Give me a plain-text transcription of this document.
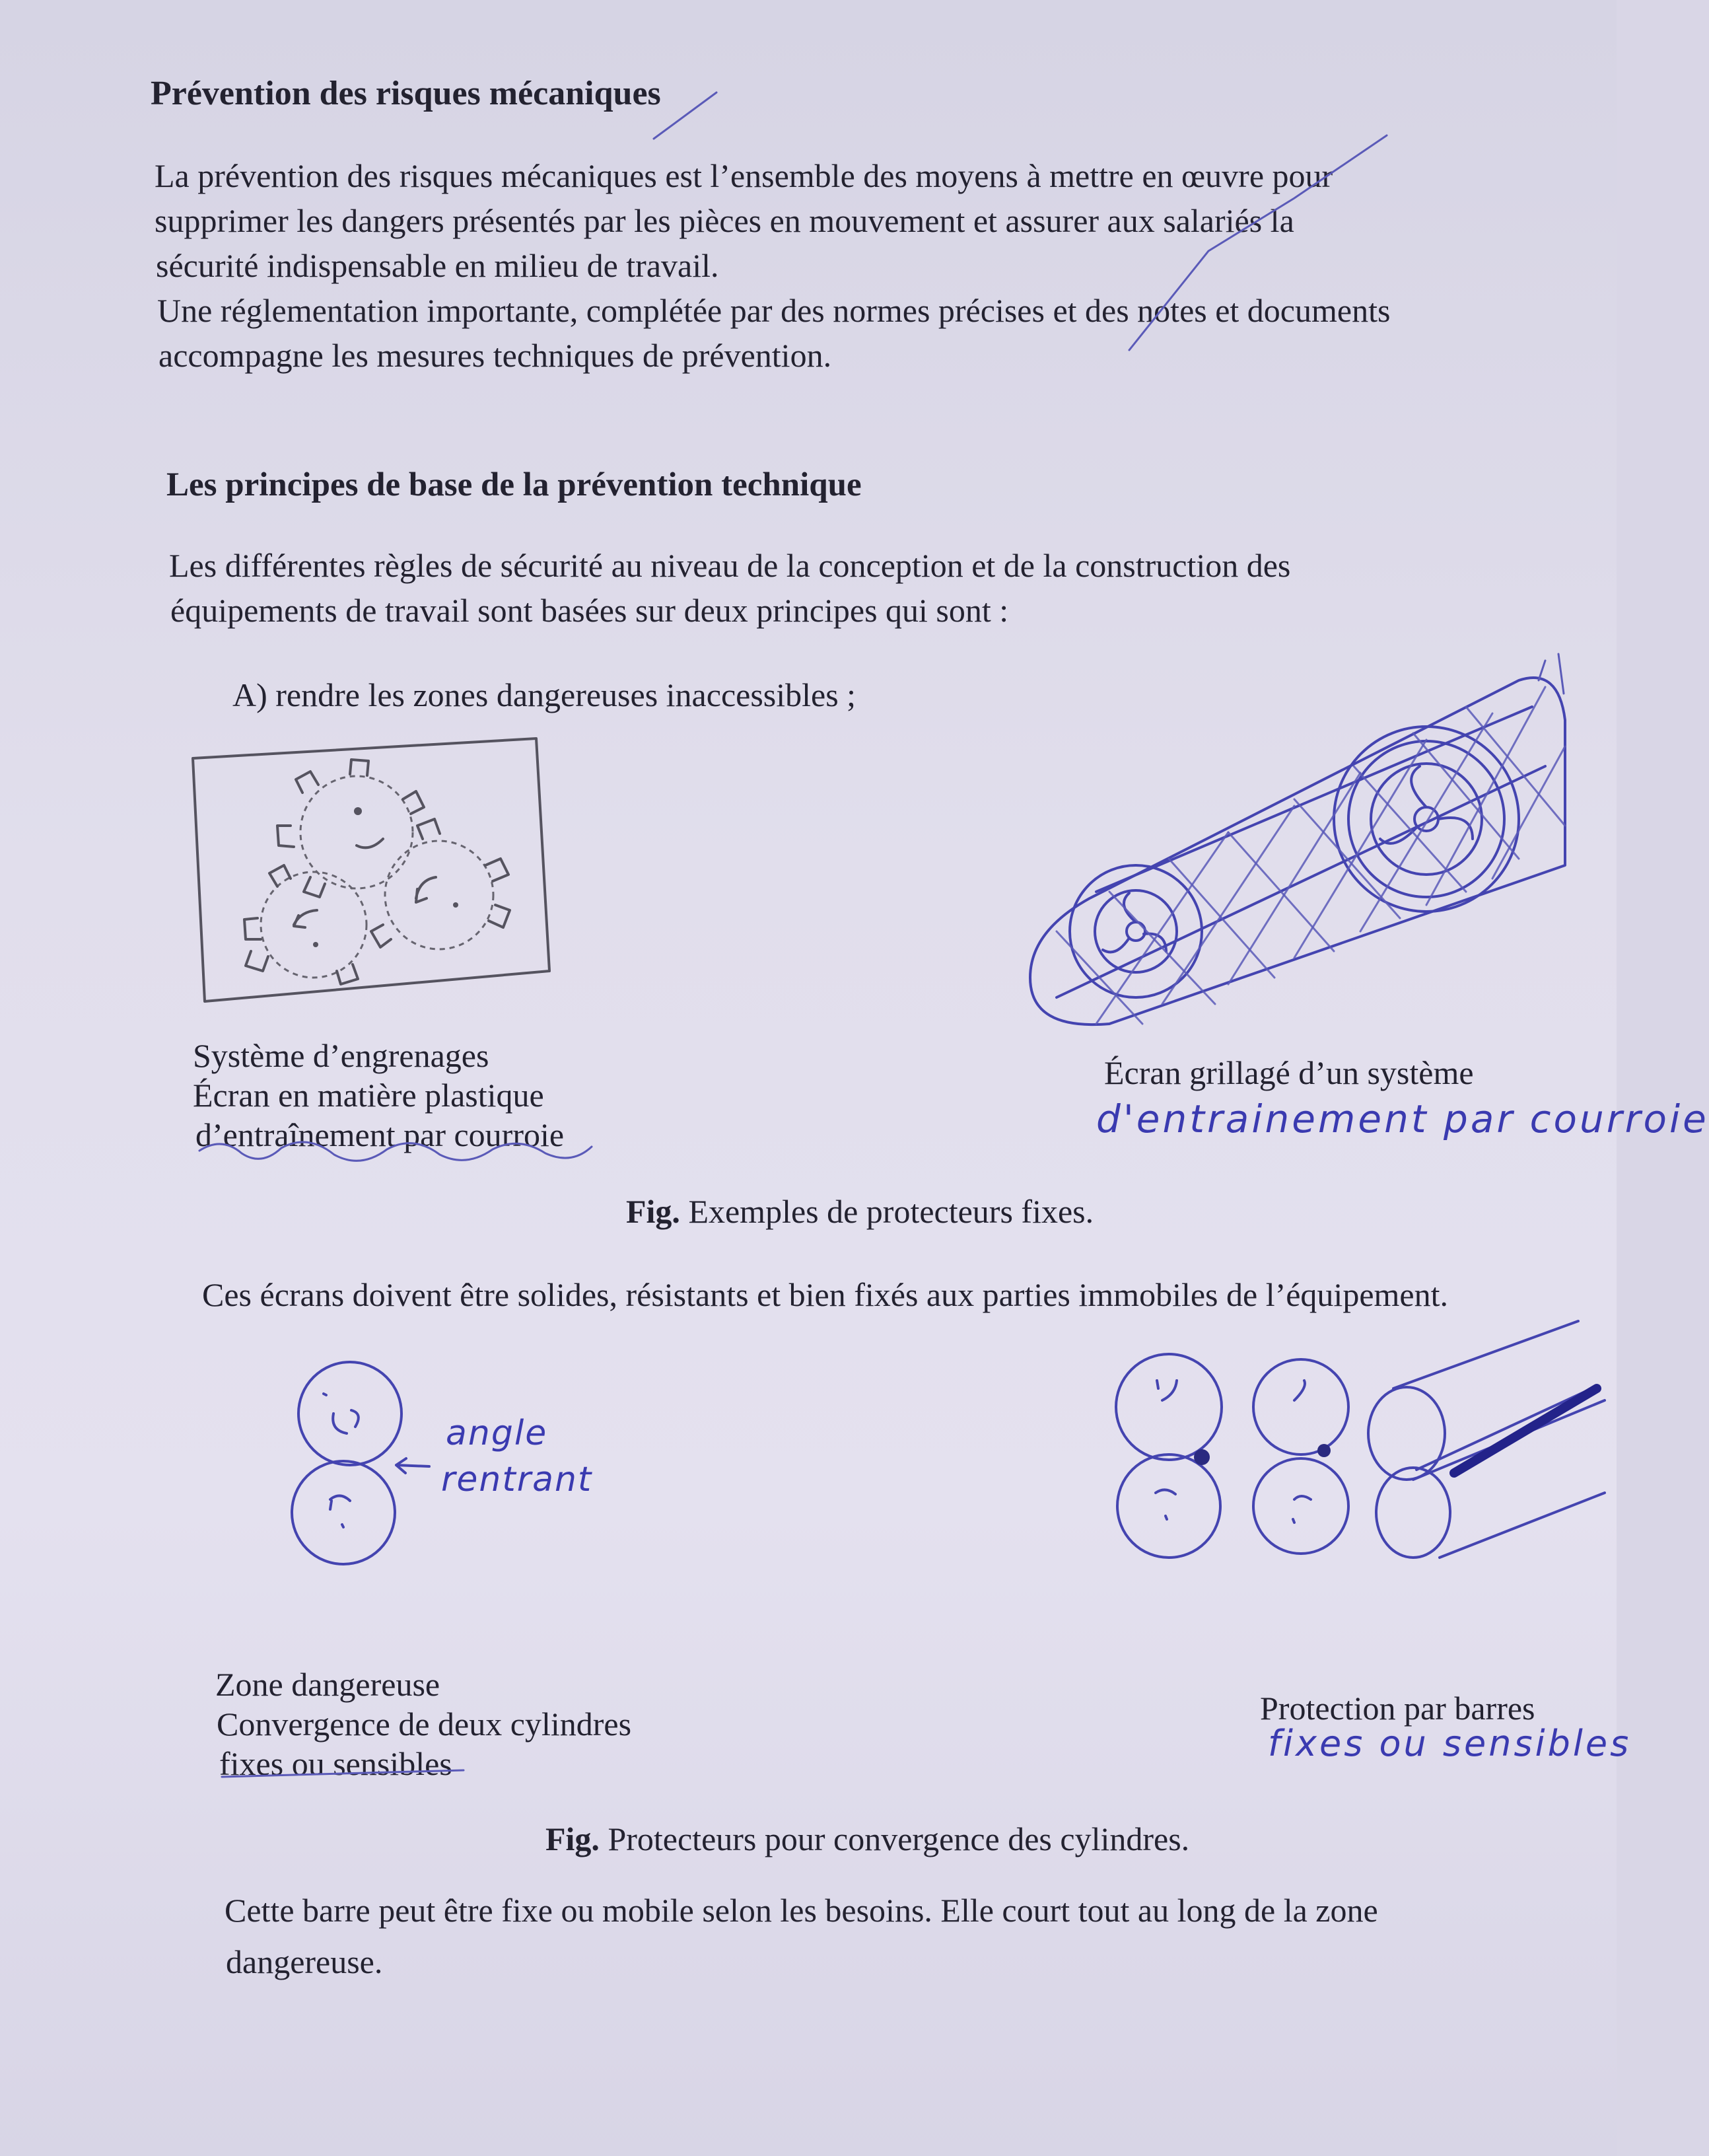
Prévention des risques mécaniques
La prévention des risques mécaniques est l’ensemble des moyens à mettre en œuvre pour
supprimer les dangers présentés par les pièces en mouvement et assurer aux salariés la
sécurité indispensable en milieu de travail.
Une réglementation importante, complétée par des normes précises et des notes et documents
accompagne les mesures techniques de prévention.
Les principes de base de la prévention technique
Les différentes règles de sécurité au niveau de la conception et de la construction des
équipements de travail sont basées sur deux principes qui sont :
A) rendre les zones dangereuses inaccessibles ;
Système d’engrenages
Écran en matière plastique
d’entraînement par courroie
Écran grillagé d’un système
d'entrainement par courroie
Fig. Exemples de protecteurs fixes.
Ces écrans doivent être solides, résistants et bien fixés aux parties immobiles de l’équipement.
angle
rentrant
Zone dangereuse
Convergence de deux cylindres
fixes ou sensibles
Protection par barres
fixes ou sensibles
Fig. Protecteurs pour convergence des cylindres.
Cette barre peut être fixe ou mobile selon les besoins. Elle court tout au long de la zone
dangereuse.
